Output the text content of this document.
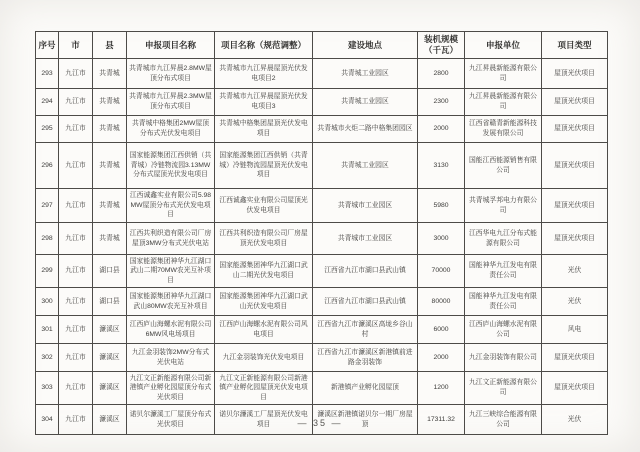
序号	市	县	申报项目名称	项目名称（规范调整）	建设地点	装机规模（千瓦）	申报单位	项目类型
293	九江市	共青城	共青城市九江昇晨2.8MW屋顶分布式项目	共青城市九江昇晨屋顶光伏发电项目2	共青城工业园区	2800	九江昇晨新能源有限公司	屋顶光伏项目
294	九江市	共青城	共青城市九江昇晨2.3MW屋顶分布式项目	共青城市九江昇晨屋顶光伏发电项目3	共青城工业园区	2300	九江昇晨新能源有限公司	屋顶光伏项目
295	九江市	共青城	共青城中格集团2MW屋顶分布式光伏发电项目	共青城中格集团屋顶光伏发电项目	共青城市火炬二路中格集团园区	2000	江西省赣青新能源科技发展有限公司	屋顶光伏项目
296	九江市	共青城	国家能源集团江西供销（共青城）冷链物流园3.13MW分布式屋顶光伏发电项目	国家能源集团江西供销（共青城）冷链物流园屋顶光伏发电项目	共青城工业园区	3130	国能江西能源销售有限公司	屋顶光伏项目
297	九江市	共青城	江西诚鑫实业有限公司5.98MW屋顶分布式光伏发电项目	江西诚鑫实业有限公司屋顶光伏发电项目	共青城市工业园区	5980	共青城孚邦电力有限公司	屋顶光伏项目
298	九江市	共青城	江西共利织造有限公司厂房屋顶3MW分布式光伏电站	江西共利织造有限公司厂房屋顶光伏发电项目	共青城市工业园区	3000	江西华电九江分布式能源有限公司	屋顶光伏项目
299	九江市	湖口县	国家能源集团神华九江湖口武山二期70MW农光互补项目	国家能源集团神华九江湖口武山二期光伏发电项目	江西省九江市湖口县武山镇	70000	国能神华九江发电有限责任公司	光伏
300	九江市	湖口县	国家能源集团神华九江湖口武山80MW农光互补项目	国家能源集团神华九江湖口武山光伏发电项目	江西省九江市湖口县武山镇	80000	国能神华九江发电有限责任公司	光伏
301	九江市	濂溪区	江西庐山海螺水泥有限公司6MW风电场项目	江西庐山海螺水泥有限公司风电项目	江西省九江市濂溪区高垅乡谷山村	6000	江西庐山海螺水泥有限公司	风电
302	九江市	濂溪区	九江金羽装饰2MW分布式光伏电站	九江金羽装饰光伏发电项目	江西省九江市濂溪区新港镇前进路金羽装饰	2000	九江金羽装饰有限公司	屋顶光伏项目
303	九江市	濂溪区	九江文正新能源有限公司新港镇产业孵化园屋顶分布式光伏项目	九江文正新能源有限公司新港镇产业孵化园屋顶光伏发电项目	新港镇产业孵化园屋顶	1200	九江文正新能源有限公司	屋顶光伏项目
304	九江市	濂溪区	诺贝尔濂溪工厂屋顶分布式光伏项目	诺贝尔濂溪工厂屋顶光伏发电项目	濂溪区新港镇诺贝尔一期厂房屋顶	17311.32	九江三峡综合能源有限公司	光伏
— 35 —
